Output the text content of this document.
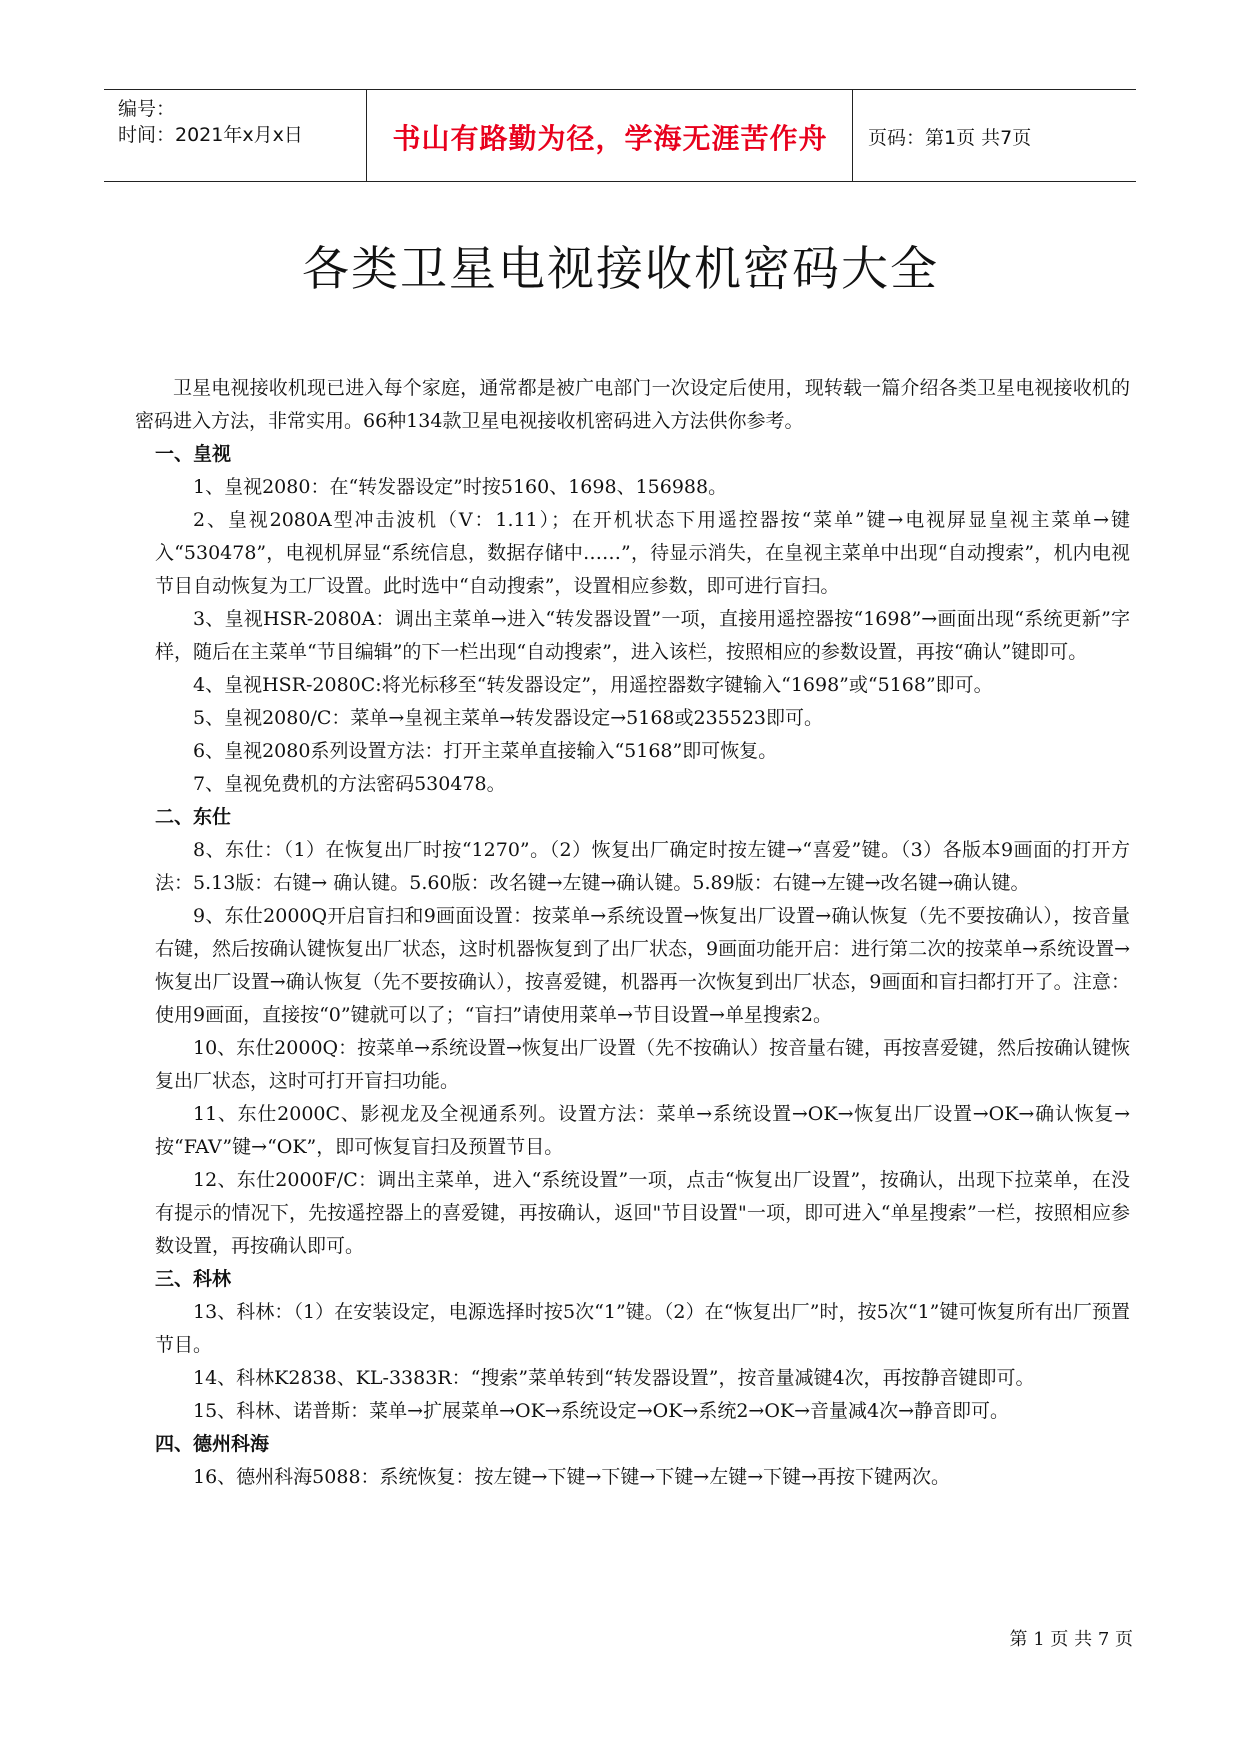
编号：
时间：2021年x月x日	书山有路勤为径，学海无涯苦作舟	页码：第1页 共7页
各类卫星电视接收机密码大全

卫星电视接收机现已进入每个家庭，通常都是被广电部门一次设定后使用，现转载一篇介绍各类卫星电视接收机的密码进入方法，非常实用。66种134款卫星电视接收机密码进入方法供你参考。

一、皇视

1、皇视2080：在“转发器设定”时按5160、1698、156988。

2、皇视2080A型冲击波机（V：1.11）；在开机状态下用遥控器按“菜单”键→电视屏显皇视主菜单→键入“530478”，电视机屏显“系统信息，数据存储中……”，待显示消失，在皇视主菜单中出现“自动搜索”，机内电视节目自动恢复为工厂设置。此时选中“自动搜索”，设置相应参数，即可进行盲扫。

3、皇视HSR-2080A：调出主菜单→进入“转发器设置”一项，直接用遥控器按“1698”→画面出现“系统更新”字样，随后在主菜单“节目编辑”的下一栏出现“自动搜索”，进入该栏，按照相应的参数设置，再按“确认”键即可。

4、皇视HSR-2080C:将光标移至“转发器设定”，用遥控器数字键输入“1698”或“5168”即可。

5、皇视2080/C：菜单→皇视主菜单→转发器设定→5168或235523即可。

6、皇视2080系列设置方法：打开主菜单直接输入“5168”即可恢复。

7、皇视免费机的方法密码530478。

二、东仕

8、东仕：（1）在恢复出厂时按“1270”。（2）恢复出厂确定时按左键→“喜爱”键。（3）各版本9画面的打开方法：5.13版：右键→ 确认键。5.60版：改名键→左键→确认键。5.89版：右键→左键→改名键→确认键。

9、东仕2000Q开启盲扫和9画面设置：按菜单→系统设置→恢复出厂设置→确认恢复（先不要按确认），按音量右键，然后按确认键恢复出厂状态，这时机器恢复到了出厂状态，9画面功能开启：进行第二次的按菜单→系统设置→恢复出厂设置→确认恢复（先不要按确认），按喜爱键，机器再一次恢复到出厂状态，9画面和盲扫都打开了。注意：使用9画面，直接按“0”键就可以了；“盲扫”请使用菜单→节目设置→单星搜索2。

10、东仕2000Q：按菜单→系统设置→恢复出厂设置（先不按确认）按音量右键，再按喜爱键，然后按确认键恢复出厂状态，这时可打开盲扫功能。

11、东仕2000C、影视龙及全视通系列。设置方法：菜单→系统设置→OK→恢复出厂设置→OK→确认恢复→按“FAV”键→“OK”，即可恢复盲扫及预置节目。

12、东仕2000F/C：调出主菜单，进入“系统设置”一项，点击“恢复出厂设置”，按确认，出现下拉菜单，在没有提示的情况下，先按遥控器上的喜爱键，再按确认，返回"节目设置"一项，即可进入“单星搜索”一栏，按照相应参数设置，再按确认即可。

三、科林

13、科林：（1）在安装设定，电源选择时按5次“1”键。（2）在“恢复出厂”时，按5次“1”键可恢复所有出厂预置节目。

14、科林K2838、KL-3383R：“搜索”菜单转到“转发器设置”，按音量减键4次，再按静音键即可。

15、科林、诺普斯：菜单→扩展菜单→OK→系统设定→OK→系统2→OK→音量减4次→静音即可。

四、德州科海

16、德州科海5088：系统恢复：按左键→下键→下键→下键→左键→下键→再按下键两次。

第 1 页 共 7 页
